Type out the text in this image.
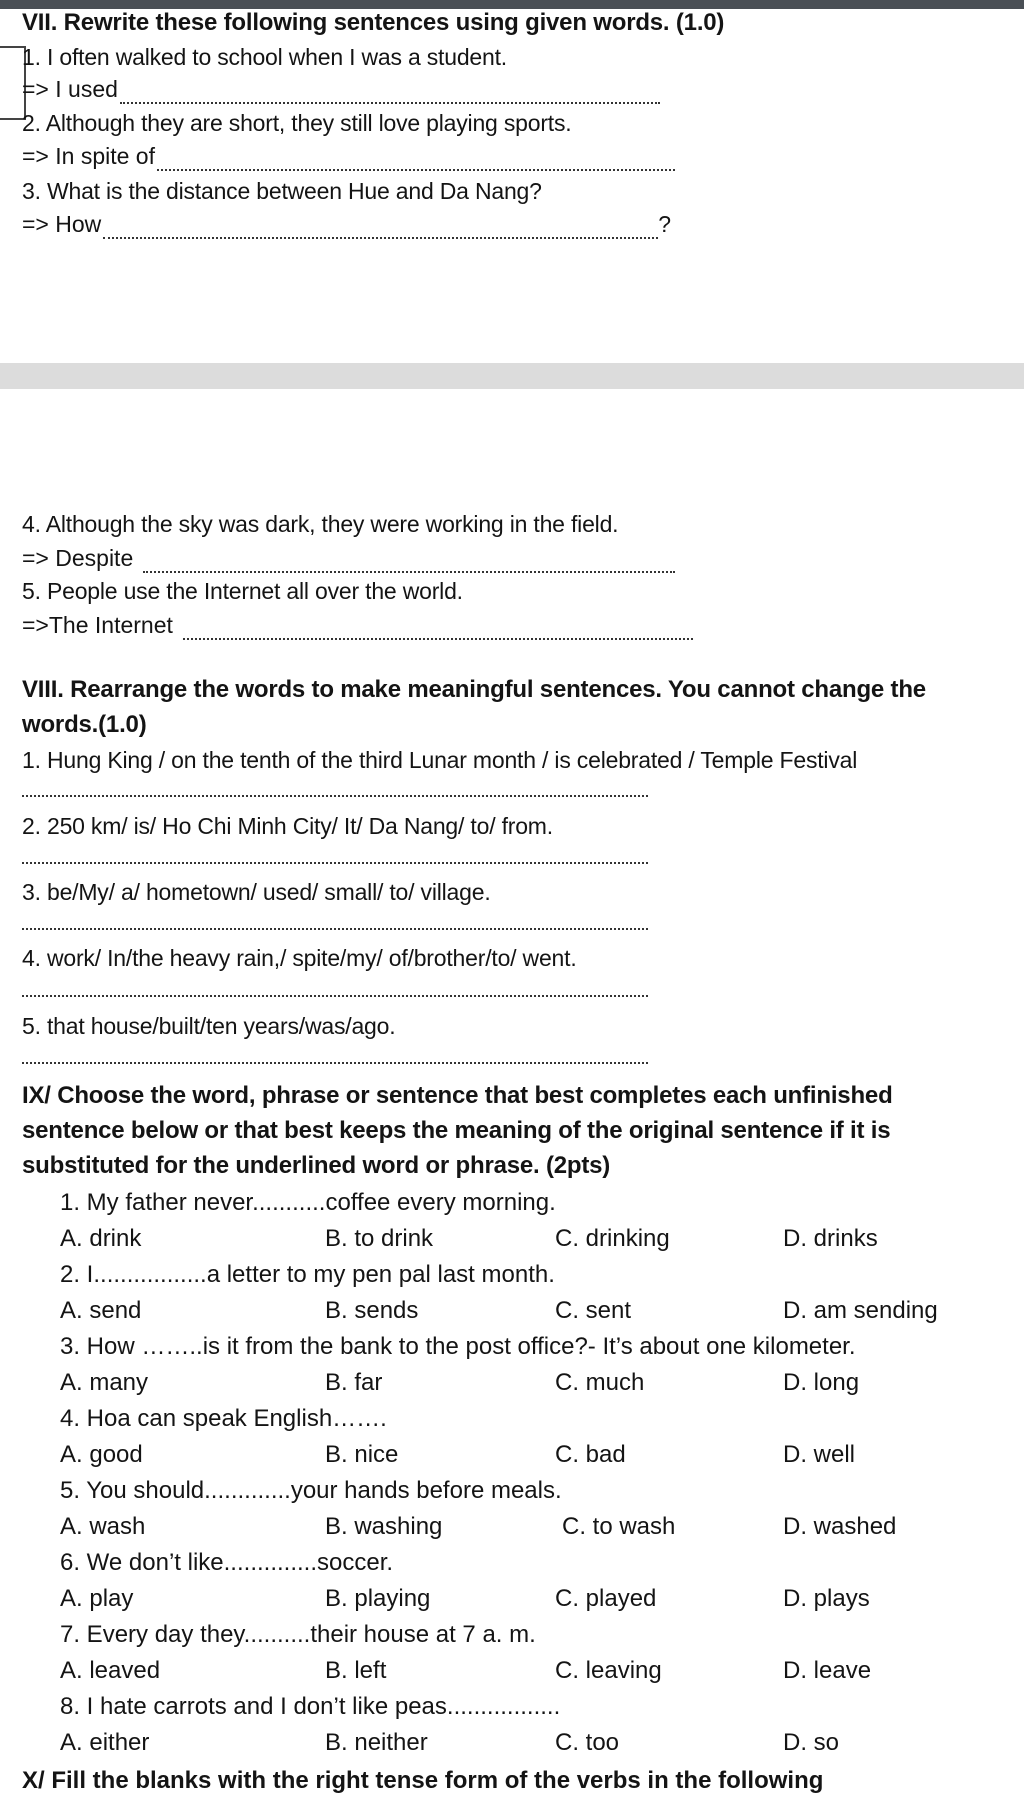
VII. Rewrite these following sentences using given words. (1.0)
1. I often walked to school when I was a student.
=> I used
2. Although they are short, they still love playing sports.
=> In spite of
3. What is the distance between Hue and Da Nang?
=> How	?
4. Although the sky was dark, they were working in the field.
=> Despite
5. People use the Internet all over the world.
=>The Internet
VIII. Rearrange the words to make meaningful sentences. You cannot change the
words.(1.0)
1. Hung King / on the tenth of the third Lunar month / is celebrated / Temple Festival
2. 250 km/ is/ Ho Chi Minh City/ It/ Da Nang/ to/ from.
3. be/My/ a/ hometown/ used/ small/ to/ village.
4. work/ In/the heavy rain,/ spite/my/ of/brother/to/ went.
5. that house/built/ten years/was/ago.
IX/ Choose the word, phrase or sentence that best completes each unfinished
sentence below or that best keeps the meaning of the original sentence if it is
substituted for the underlined word or phrase. (2pts)
1. My father never...........coffee every morning.
A. drink	B. to drink	C. drinking	D. drinks
2. I.................a letter to my pen pal last month.
A. send	B. sends	C. sent	D. am sending
3. How ……..is it from the bank to the post office?- It’s about one kilometer.
A. many	B. far	C. much	D. long
4. Hoa can speak English…….
A. good	B. nice	C. bad	D. well
5. You should.............your hands before meals.
A. wash	B. washing	C. to wash	D. washed
6. We don’t like..............soccer.
A. play	B. playing	C. played	D. plays
7. Every day they..........their house at 7 a. m.
A. leaved	B. left	C. leaving	D. leave
8. I hate carrots and I don’t like peas.................
A. either	B. neither	C. too	D. so
X/ Fill the blanks with the right tense form of the verbs in the following
